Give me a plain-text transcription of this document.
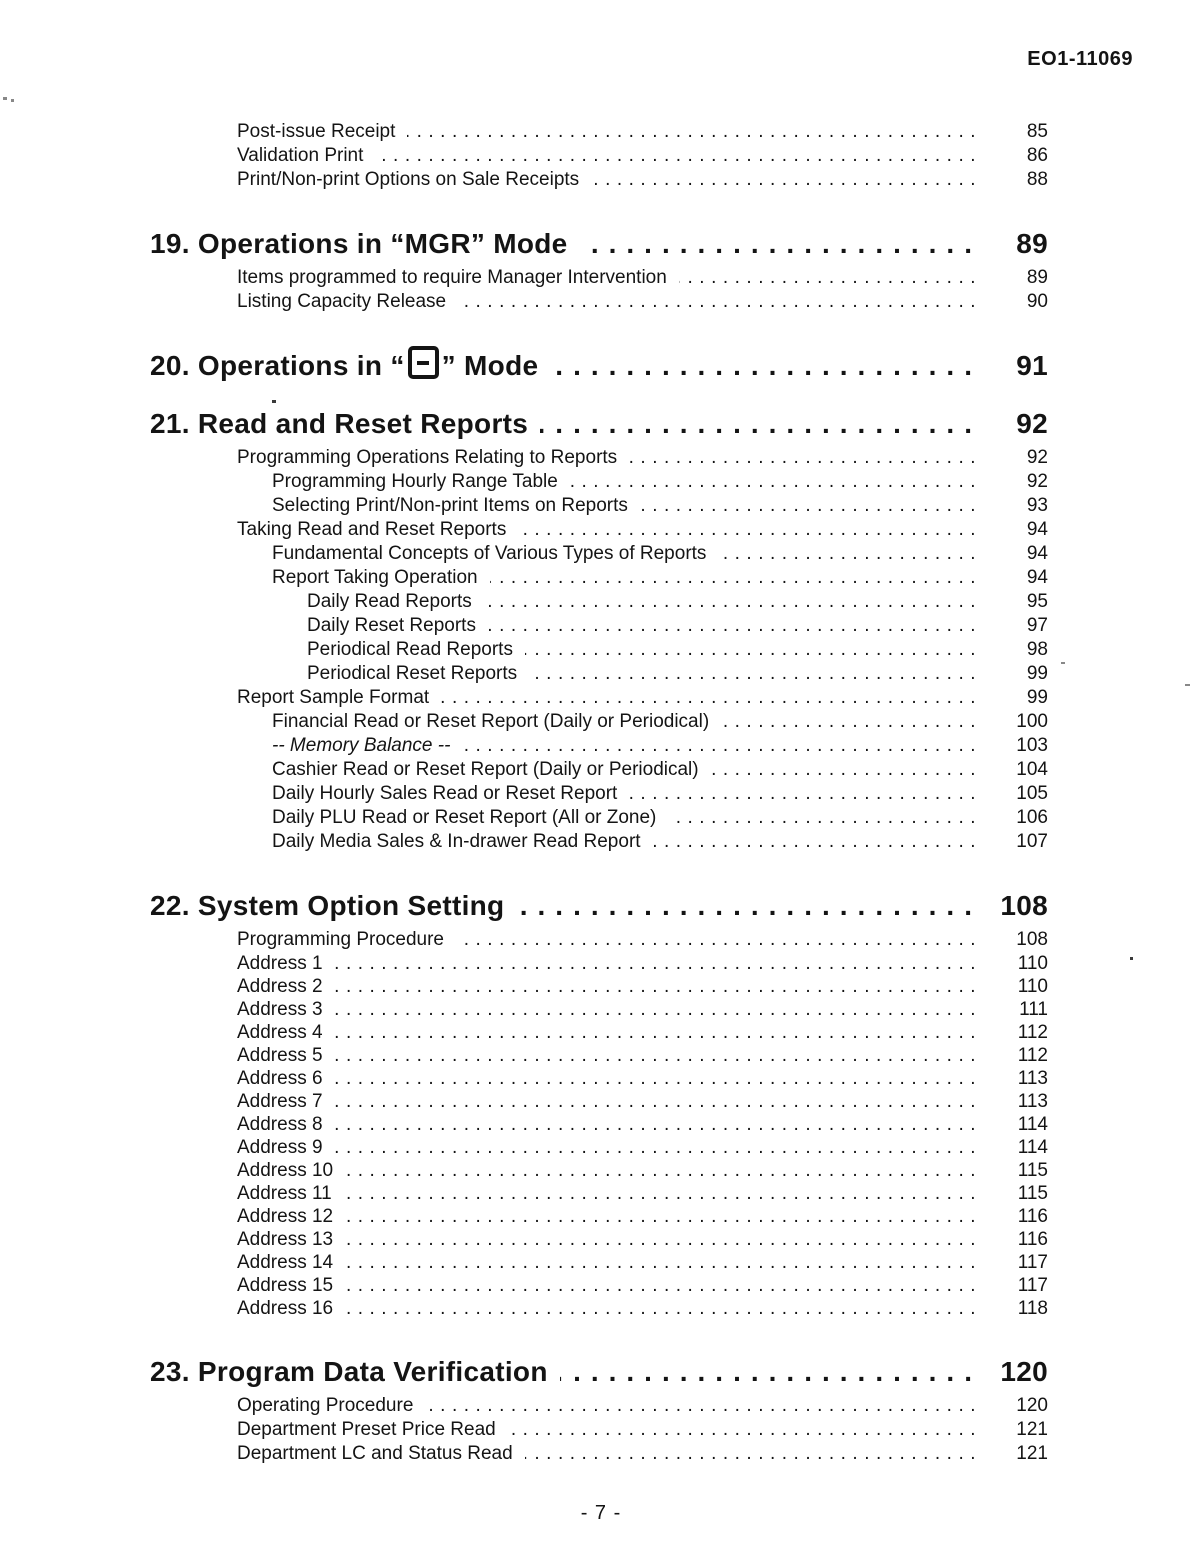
EO1-11069
Post-issue Receipt .....	85
Validation Print .....	86
Print/Non-print Options on Sale Receipts .....	88
19. Operations in “MGR” Mode .....	89
Items programmed to require Manager Intervention .....	89
Listing Capacity Release .....	90
20. Operations in “ ” Mode .....	91
21. Read and Reset Reports .....	92
Programming Operations Relating to Reports .....	92
Programming Hourly Range Table .....	92
Selecting Print/Non-print Items on Reports .....	93
Taking Read and Reset Reports .....	94
Fundamental Concepts of Various Types of Reports .....	94
Report Taking Operation .....	94
Daily Read Reports .....	95
Daily Reset Reports .....	97
Periodical Read Reports .....	98
Periodical Reset Reports .....	99
Report Sample Format .....	99
Financial Read or Reset Report (Daily or Periodical) .....	100
-- Memory Balance -- .....	103
Cashier Read or Reset Report (Daily or Periodical) .....	104
Daily Hourly Sales Read or Reset Report .....	105
Daily PLU Read or Reset Report (All or Zone) .....	106
Daily Media Sales & In-drawer Read Report .....	107
22. System Option Setting .....	108
Programming Procedure .....	108
Address 1 .....	110
Address 2 .....	110
Address 3 .....	111
Address 4 .....	112
Address 5 .....	112
Address 6 .....	113
Address 7 .....	113
Address 8 .....	114
Address 9 .....	114
Address 10 .....	115
Address 11 .....	115
Address 12 .....	116
Address 13 .....	116
Address 14 .....	117
Address 15 .....	117
Address 16 .....	118
23. Program Data Verification .....	120
Operating Procedure .....	120
Department Preset Price Read .....	121
Department LC and Status Read .....	121
- 7 -
